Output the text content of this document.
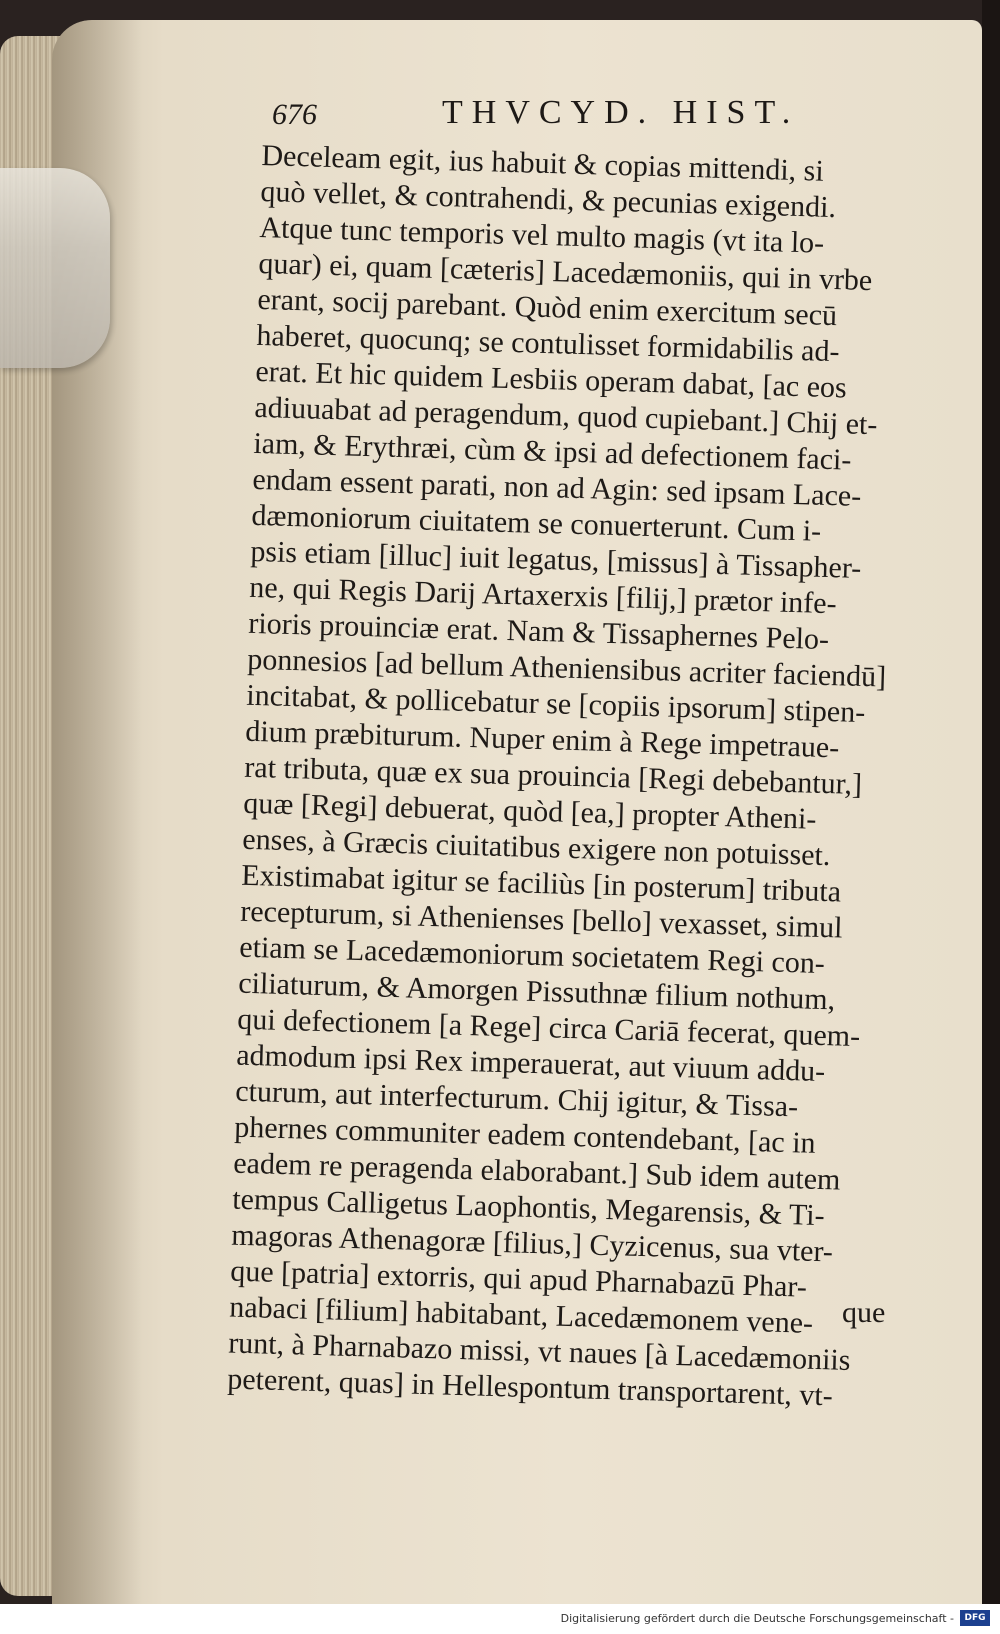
676	THVCYD. HIST.
Deceleam egit, ius habuit & copias mittendi, si
quò vellet, & contrahendi, & pecunias exigendi.
Atque tunc temporis vel multo magis (vt ita lo-
quar) ei, quam [cæteris] Lacedæmoniis, qui in vrbe
erant, socij parebant. Quòd enim exercitum secū
haberet, quocunq; se contulisset formidabilis ad-
erat. Et hic quidem Lesbiis operam dabat, [ac eos
adiuuabat ad peragendum, quod cupiebant.] Chij et-
iam, & Erythræi, cùm & ipsi ad defectionem faci-
endam essent parati, non ad Agin: sed ipsam Lace-
dæmoniorum ciuitatem se conuerterunt. Cum i-
psis etiam [illuc] iuit legatus, [missus] à Tissapher-
ne, qui Regis Darij Artaxerxis [filij,] prætor infe-
rioris prouinciæ erat. Nam & Tissaphernes Pelo-
ponnesios [ad bellum Atheniensibus acriter faciendū]
incitabat, & pollicebatur se [copiis ipsorum] stipen-
dium præbiturum. Nuper enim à Rege impetraue-
rat tributa, quæ ex sua prouincia [Regi debebantur,]
quæ [Regi] debuerat, quòd [ea,] propter Atheni-
enses, à Græcis ciuitatibus exigere non potuisset.
Existimabat igitur se faciliùs [in posterum] tributa
recepturum, si Athenienses [bello] vexasset, simul
etiam se Lacedæmoniorum societatem Regi con-
ciliaturum, & Amorgen Pissuthnæ filium nothum,
qui defectionem [a Rege] circa Cariā fecerat, quem-
admodum ipsi Rex imperauerat, aut viuum addu-
cturum, aut interfecturum. Chij igitur, & Tissa-
phernes communiter eadem contendebant, [ac in
eadem re peragenda elaborabant.] Sub idem autem
tempus Calligetus Laophontis, Megarensis, & Ti-
magoras Athenagoræ [filius,] Cyzicenus, sua vter-
que [patria] extorris, qui apud Pharnabazū Phar-
nabaci [filium] habitabant, Lacedæmonem vene-
runt, à Pharnabazo missi, vt naues [à Lacedæmoniis
peterent, quas] in Hellespontum transportarent, vt-
que
Digitalisierung gefördert durch die Deutsche Forschungsgemeinschaft -	DFG
